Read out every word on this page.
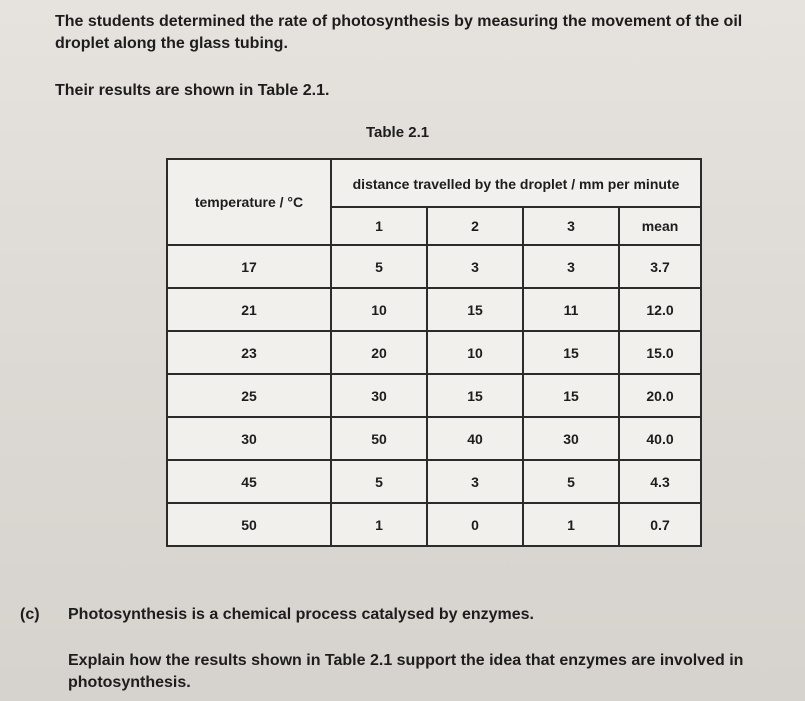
The students determined the rate of photosynthesis by measuring the movement of the oil droplet along the glass tubing.
Their results are shown in Table 2.1.
Table 2.1
temperature / °C	distance travelled by the droplet / mm per minute			
	1	2	3	mean
17	5	3	3	3.7
21	10	15	11	12.0
23	20	10	15	15.0
25	30	15	15	20.0
30	50	40	30	40.0
45	5	3	5	4.3
50	1	0	1	0.7
(c) Photosynthesis is a chemical process catalysed by enzymes.
Explain how the results shown in Table 2.1 support the idea that enzymes are involved in photosynthesis.
